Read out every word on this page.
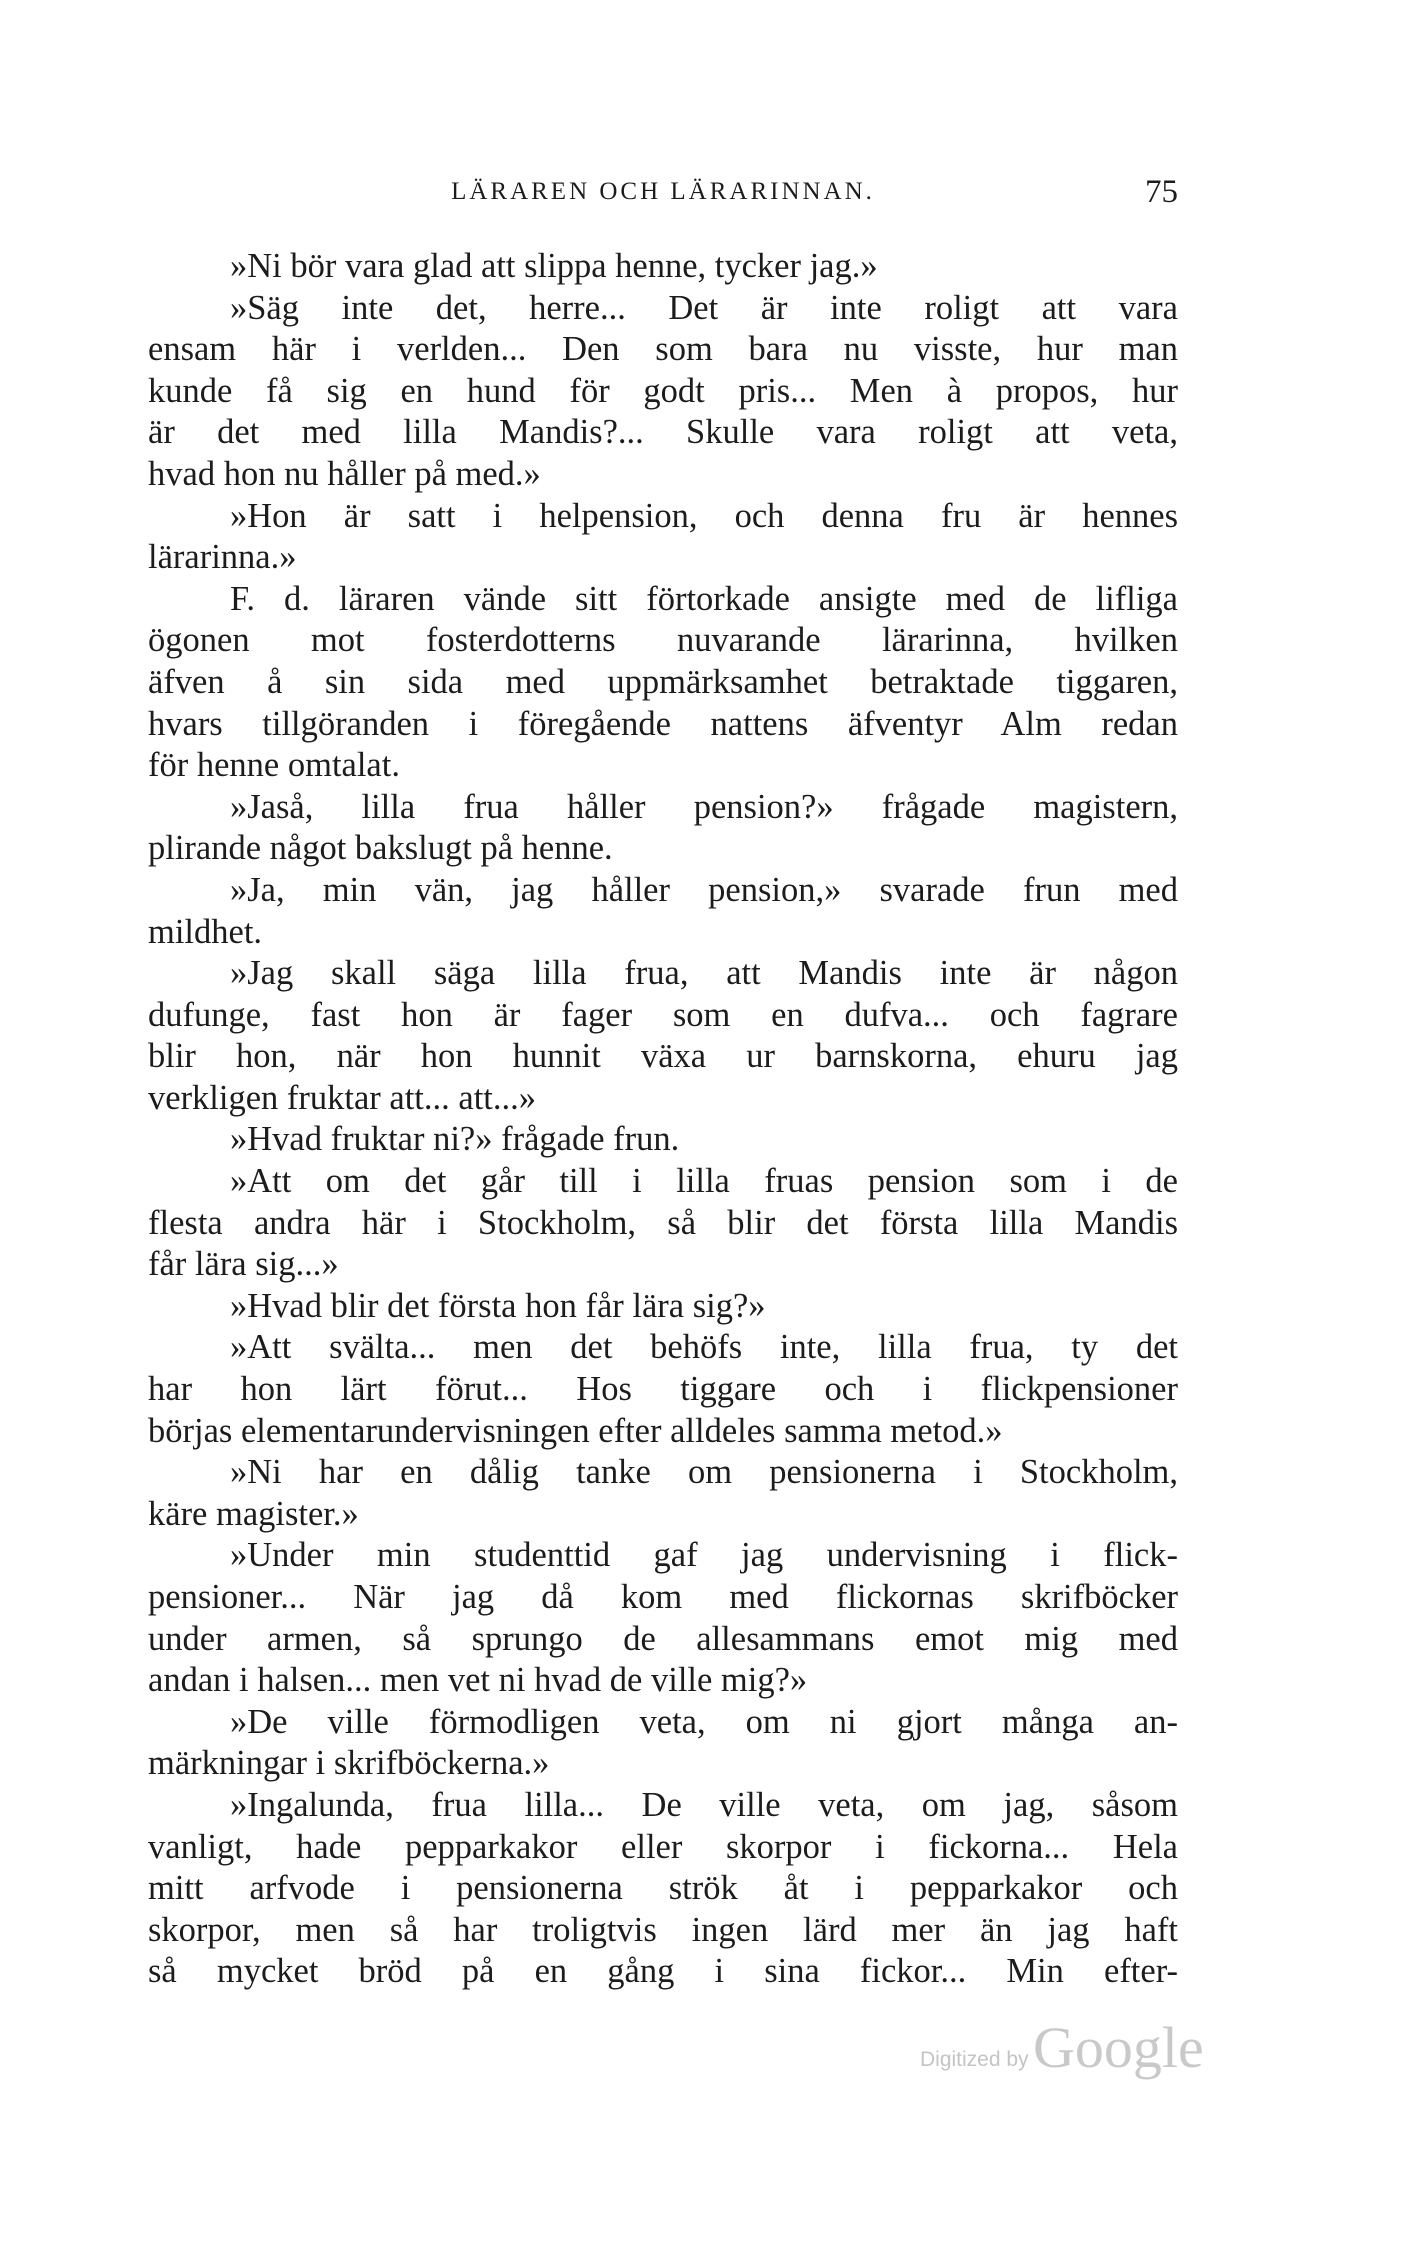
LÄRAREN OCH LÄRARINNAN.	75
»Ni bör vara glad att slippa henne, tycker jag.»
»Säg inte det, herre... Det är inte roligt att vara
ensam här i verlden... Den som bara nu visste, hur man
kunde få sig en hund för godt pris... Men à propos, hur
är det med lilla Mandis?... Skulle vara roligt att veta,
hvad hon nu håller på med.»
»Hon är satt i helpension, och denna fru är hennes
lärarinna.»
F. d. läraren vände sitt förtorkade ansigte med de lifliga
ögonen mot fosterdotterns nuvarande lärarinna, hvilken
äfven å sin sida med uppmärksamhet betraktade tiggaren,
hvars tillgöranden i föregående nattens äfventyr Alm redan
för henne omtalat.
»Jaså, lilla frua håller pension?» frågade magistern,
plirande något bakslugt på henne.
»Ja, min vän, jag håller pension,» svarade frun med
mildhet.
»Jag skall säga lilla frua, att Mandis inte är någon
dufunge, fast hon är fager som en dufva... och fagrare
blir hon, när hon hunnit växa ur barnskorna, ehuru jag
verkligen fruktar att... att...»
»Hvad fruktar ni?» frågade frun.
»Att om det går till i lilla fruas pension som i de
flesta andra här i Stockholm, så blir det första lilla Mandis
får lära sig...»
»Hvad blir det första hon får lära sig?»
»Att svälta... men det behöfs inte, lilla frua, ty det
har hon lärt förut... Hos tiggare och i flickpensioner
börjas elementarundervisningen efter alldeles samma metod.»
»Ni har en dålig tanke om pensionerna i Stockholm,
käre magister.»
»Under min studenttid gaf jag undervisning i flick-
pensioner... När jag då kom med flickornas skrifböcker
under armen, så sprungo de allesammans emot mig med
andan i halsen... men vet ni hvad de ville mig?»
»De ville förmodligen veta, om ni gjort många an-
märkningar i skrifböckerna.»
»Ingalunda, frua lilla... De ville veta, om jag, såsom
vanligt, hade pepparkakor eller skorpor i fickorna... Hela
mitt arfvode i pensionerna strök åt i pepparkakor och
skorpor, men så har troligtvis ingen lärd mer än jag haft
så mycket bröd på en gång i sina fickor... Min efter-
Digitized by Google
